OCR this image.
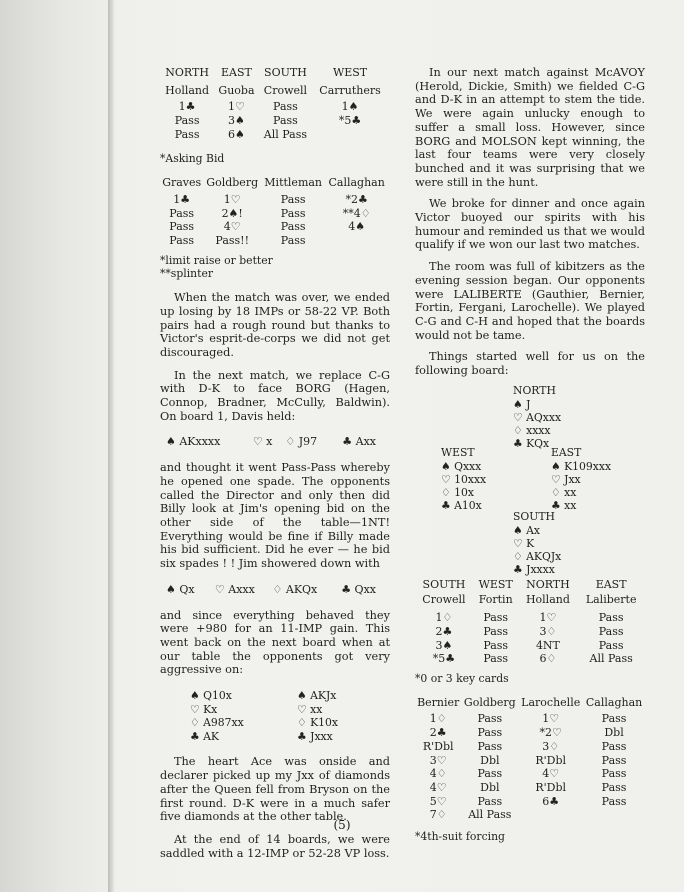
NORTH	EAST	SOUTH	WEST
Holland	Guoba	Crowell	Carruthers
1♣	1♡	Pass	1♠
Pass	3♠	Pass	*5♣
Pass	6♠	All Pass	
*Asking Bid
Graves	Goldberg	Mittleman	Callaghan
1♣	1♡	Pass	*2♣
Pass	2♠!	Pass	**4♢
Pass	4♡	Pass	4♠
Pass	Pass!!	Pass	
*limit raise or better
**splinter

When the match was over, we ended up losing by 18 IMPs or 58-22 VP. Both pairs had a rough round but thanks to Victor's esprit-de-corps we did not get discouraged.

In the next match, we replace C-G with D-K to face BORG (Hagen, Connop, Bradner, McCully, Baldwin). On board 1, Davis held:

♠ AKxxxx	♡ x	♢ J97	♣ Axx

and thought it went Pass-Pass whereby he opened one spade. The opponents called the Director and only then did Billy look at Jim's opening bid on the other side of the table—1NT! Everything would be fine if Billy made his bid sufficient. Did he ever — he bid six spades ! ! Jim showered down with

♠ Qx	♡ Axxx	♢ AKQx	♣ Qxx

and since everything behaved they were +980 for an 11-IMP gain. This went back on the next board when at our table the opponents got very aggressive on:

♠ Q10x
♡ Kx
♢ A987xx
♣ AK
♠ AKJx
♡ xx
♢ K10x
♣ Jxxx

The heart Ace was onside and declarer picked up my Jxx of diamonds after the Queen fell from Bryson on the first round. D-K were in a much safer five diamonds at the other table.

At the end of 14 boards, we were saddled with a 12-IMP or 52-28 VP loss.

In our next match against McAVOY (Herold, Dickie, Smith) we fielded C-G and D-K in an attempt to stem the tide. We were again unlucky enough to suffer a small loss. However, since BORG and MOLSON kept winning, the last four teams were very closely bunched and it was surprising that we were still in the hunt.

We broke for dinner and once again Victor buoyed our spirits with his humour and reminded us that we would qualify if we won our last two matches.

The room was full of kibitzers as the evening session began. Our opponents were LALIBERTE (Gauthier, Bernier, Fortin, Fergani, Larochelle). We played C-G and C-H and hoped that the boards would not be tame.

Things started well for us on the following board:

NORTH
♠ J
♡ AQxxx
♢ xxxx
♣ KQx
WEST
♠ Qxxx
♡ 10xxx
♢ 10x
♣ A10x
EAST
♠ K109xxx
♡ Jxx
♢ xx
♣ xx
SOUTH
♠ Ax
♡ K
♢ AKQJx
♣ Jxxxx
SOUTH	WEST	NORTH	EAST
Crowell	Fortin	Holland	Laliberte
1♢	Pass	1♡	Pass
2♣	Pass	3♢	Pass
3♠	Pass	4NT	Pass
*5♣	Pass	6♢	All Pass
*0 or 3 key cards
Bernier	Goldberg	Larochelle	Callaghan
1♢	Pass	1♡	Pass
2♣	Pass	*2♡	Dbl
R'Dbl	Pass	3♢	Pass
3♡	Dbl	R'Dbl	Pass
4♢	Pass	4♡	Pass
4♡	Dbl	R'Dbl	Pass
5♡	Pass	6♣	Pass
7♢	All Pass		
*4th-suit forcing
(5)
